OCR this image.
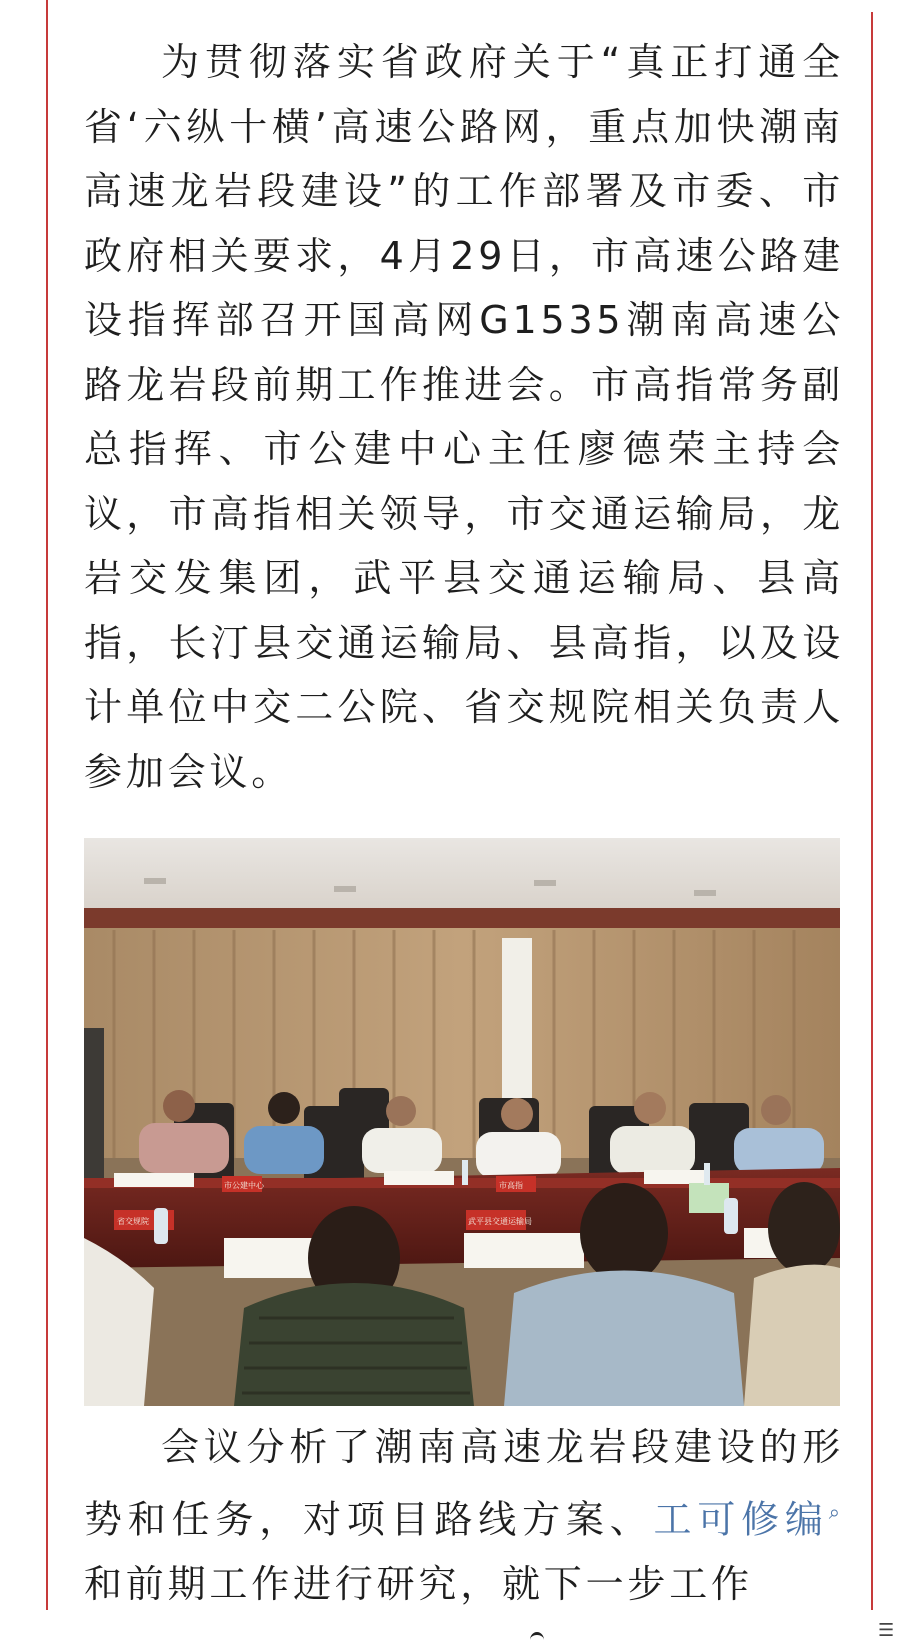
为贯彻落实省政府关于“真正打通全省‘六纵十横’高速公路网，重点加快潮南高速龙岩段建设”的工作部署及市委、市政府相关要求，4月29日，市高速公路建设指挥部召开国高网G1535潮南高速公路龙岩段前期工作推进会。市高指常务副总指挥、市公建中心主任廖德荣主持会议，市高指相关领导，市交通运输局，龙岩交发集团，武平县交通运输局、县高指，长汀县交通运输局、县高指，以及设计单位中交二公院、省交规院相关负责人参加会议。

市公建中心	市高指
省交规院	武平县交通运输局

会议分析了潮南高速龙岩段建设的形势和任务，对项目路线方案、工可修编⌕和前期工作进行研究，就下一步工作

☰
